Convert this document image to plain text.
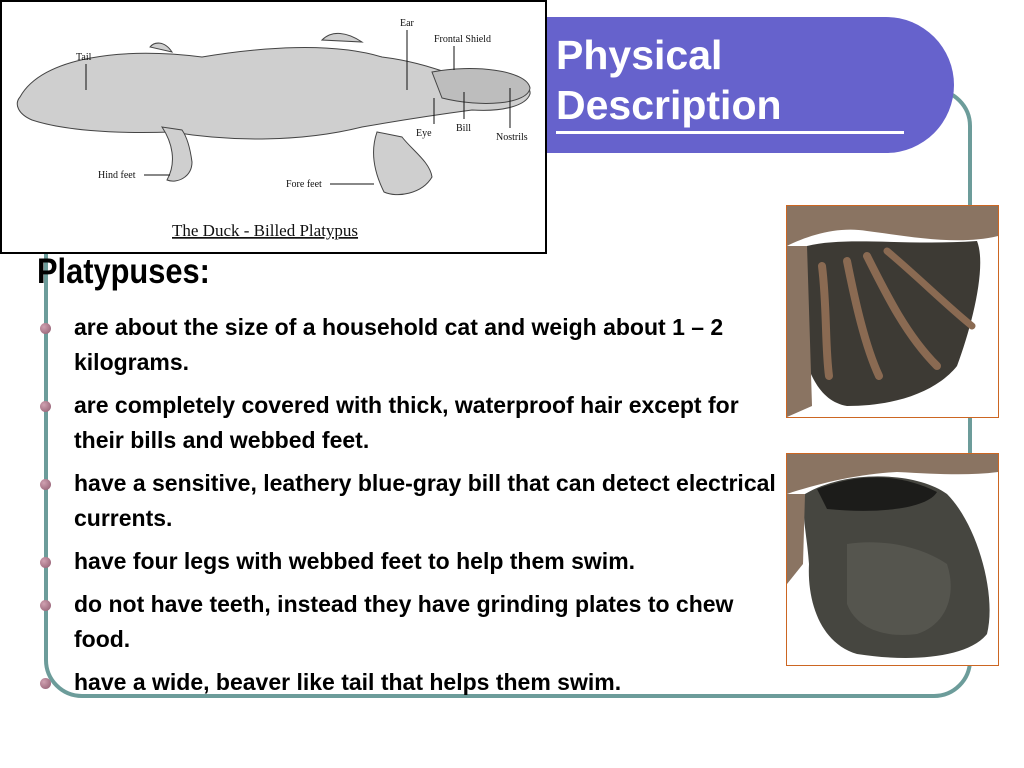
Physical
Description
Tail
Ear
Frontal Shield
Eye Bill
Nostrils
Hind feet
Fore feet
The Duck - Billed Platypus
Platypuses:
are about the size of a household cat and weigh about 1 – 2 kilograms.
are completely covered with thick, waterproof hair except for their bills and webbed feet.
have a sensitive, leathery blue-gray bill that can detect electrical currents.
have four legs with webbed feet to help them swim.
do not have teeth, instead they have grinding plates to chew food.
have a wide, beaver like tail that helps them swim.
